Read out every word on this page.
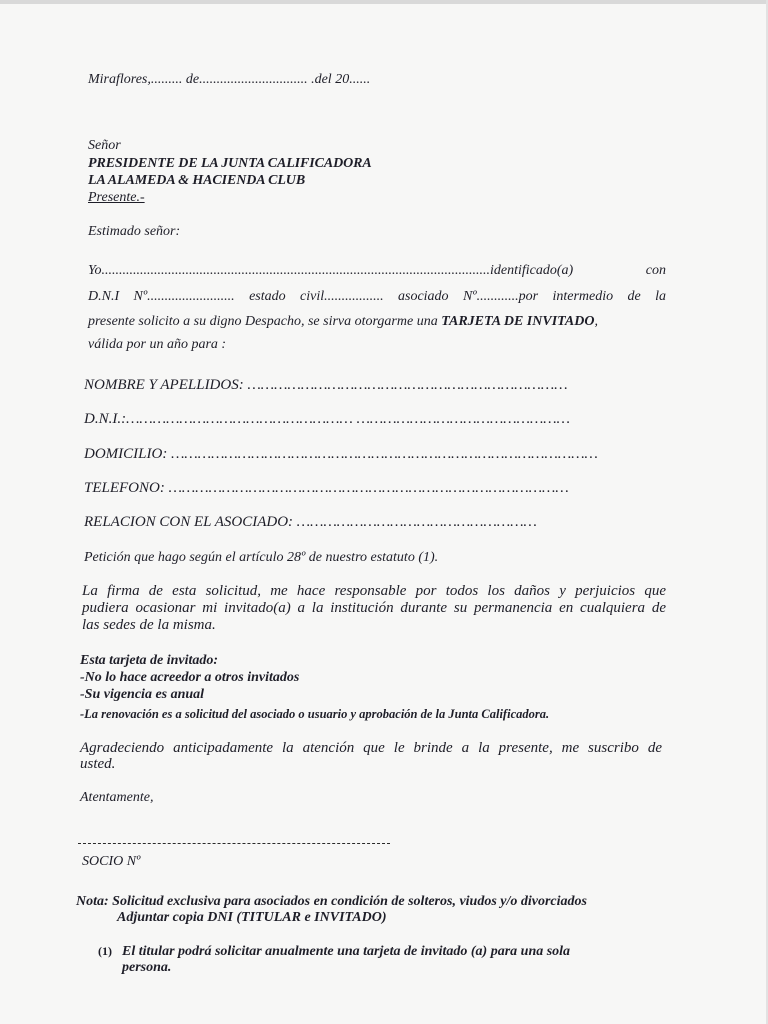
Miraflores,......... de............................... .del 20......
Señor
PRESIDENTE DE LA JUNTA CALIFICADORA
LA ALAMEDA & HACIENDA CLUB
Presente.-
Estimado señor:
Yo...............................................................................................................identificado(a) con
D.N.I Nº......................... estado civil................. asociado Nº............por intermedio de la
presente solicito a su digno Despacho, se sirva otorgarme una TARJETA DE INVITADO,
válida por un año para :
NOMBRE Y APELLIDOS: ………………………………………………………………
D.N.I.:…………………………………………… …………………………………………
DOMICILIO: ……………………………………………………………………………………
TELEFONO: ………………………………………………………………………………
RELACION CON EL ASOCIADO: ………………………………………………
Petición que hago según el artículo 28º de nuestro estatuto (1).
La firma de esta solicitud, me hace responsable por todos los daños y perjuicios que
pudiera ocasionar mi invitado(a) a la institución durante su permanencia en cualquiera de
las sedes de la misma.
Esta tarjeta de invitado:
-No lo hace acreedor a otros invitados
-Su vigencia es anual
-La renovación es a solicitud del asociado o usuario y aprobación de la Junta Calificadora.
Agradeciendo anticipadamente la atención que le brinde a la presente, me suscribo de
usted.
Atentamente,
SOCIO Nº
Nota: Solicitud exclusiva para asociados en condición de solteros, viudos y/o divorciados
Adjuntar copia DNI (TITULAR e INVITADO)
(1) El titular podrá solicitar anualmente una tarjeta de invitado (a) para una sola
persona.
